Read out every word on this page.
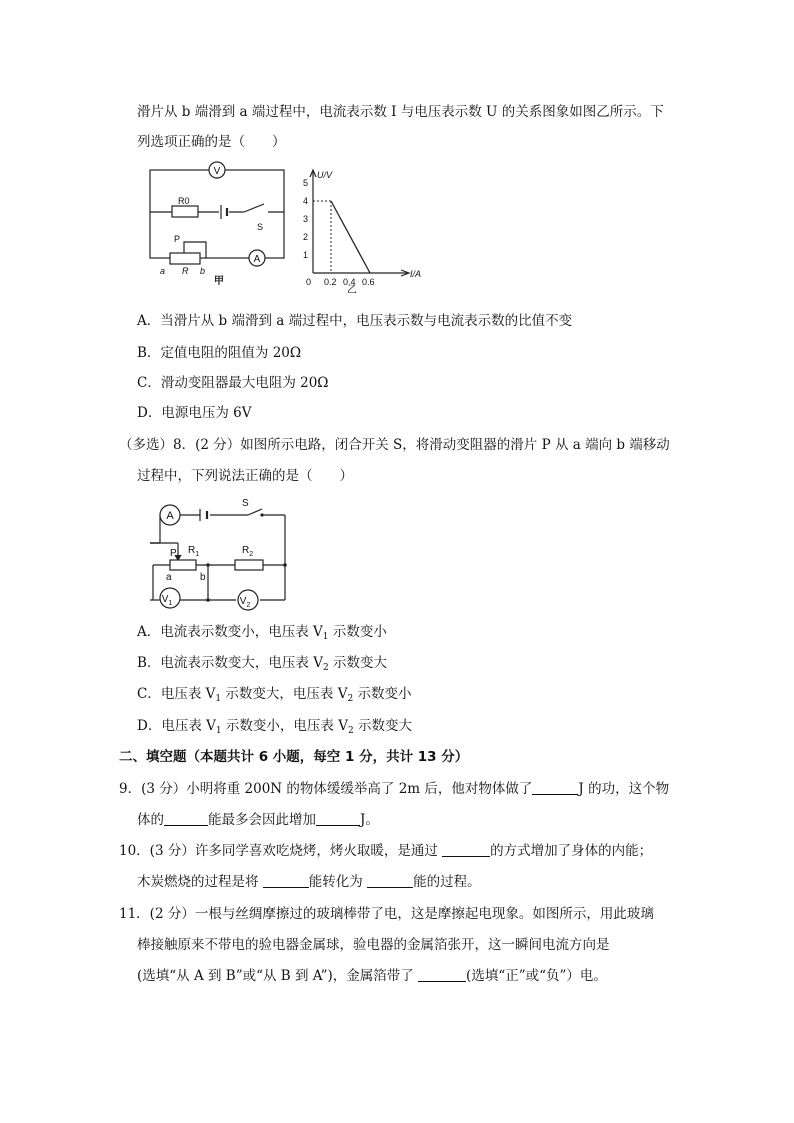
滑片从 b 端滑到 a 端过程中，电流表示数 I 与电压表示数 U 的关系图象如图乙所示。下
列选项正确的是（　　）
V
R0
S
P
a R b
A
甲
U/V
I/A
5
4
3
2
1
0 0.2 0.4 0.6
乙
A．当滑片从 b 端滑到 a 端过程中，电压表示数与电流表示数的比值不变
B．定值电阻的阻值为 20Ω
C．滑动变阻器最大电阻为 20Ω
D．电源电压为 6V
（多选）8．(2 分）如图所示电路，闭合开关 S，将滑动变阻器的滑片 P 从 a 端向 b 端移动
过程中，下列说法正确的是（　　）
S
A
P $R_1$	$R_2$
a	b
$V_1$	$V_2$
A．电流表示数变小，电压表 $V_1$ 示数变小
B．电流表示数变大，电压表 $V_2$ 示数变大
C．电压表 $V_1$ 示数变大，电压表 $V_2$ 示数变小
D．电压表 $V_1$ 示数变小，电压表 $V_2$ 示数变大
二、填空题（本题共计 6 小题，每空 1 分，共计 13 分）
9．(3 分）小明将重 200N 的物体缓缓举高了 2m 后，他对物体做了	J 的功，这个物
体的	能最多会因此增加	J。
10．(3 分）许多同学喜欢吃烧烤，烤火取暖，是通过	的方式增加了身体的内能；
木炭燃烧的过程是将	能转化为	能的过程。
11．(2 分）一根与丝绸摩擦过的玻璃棒带了电，这是摩擦起电现象。如图所示，用此玻璃
棒接触原来不带电的验电器金属球，验电器的金属箔张开，这一瞬间电流方向是
(选填“从 A 到 B”或“从 B 到 A”)，金属箔带了	(选填“正”或“负”）电。
